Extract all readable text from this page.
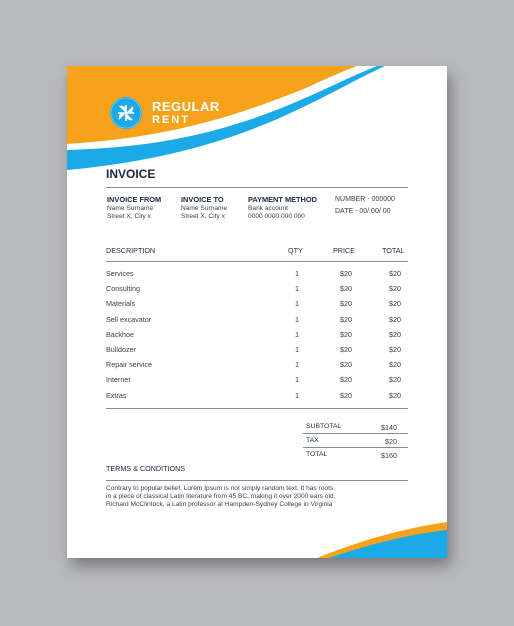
REGULAR
RENT
INVOICE
INVOICE FROM
Name Surname
Street X, City x
INVOICE TO
Name Surname
Street X, City x
PAYMENT METHOD
Bank account
0000 0000 000 000
NUMBER - 000000
DATE - 00/ 00/ 00
DESCRIPTION	QTY	PRICE	TOTAL
Services	1	$20	$20
Consulting	1	$20	$20
Materials	1	$20	$20
Sell excavator	1	$20	$20
Backhoe	1	$20	$20
Bulldozer	1	$20	$20
Repair service	1	$20	$20
Internet	1	$20	$20
Extras	1	$20	$20
SUBTOTAL	$140
TAX	$20
TOTAL	$160
TERMS & CONDITIONS
Contrary to popular belief, Lorem Ipsum is not simply random text. It has roots
in a piece of classical Latin literature from 45 BC, making it over 2000 ears old.
Richard McClintock, a Latin professor at Hampden-Sydney College in Virginia
